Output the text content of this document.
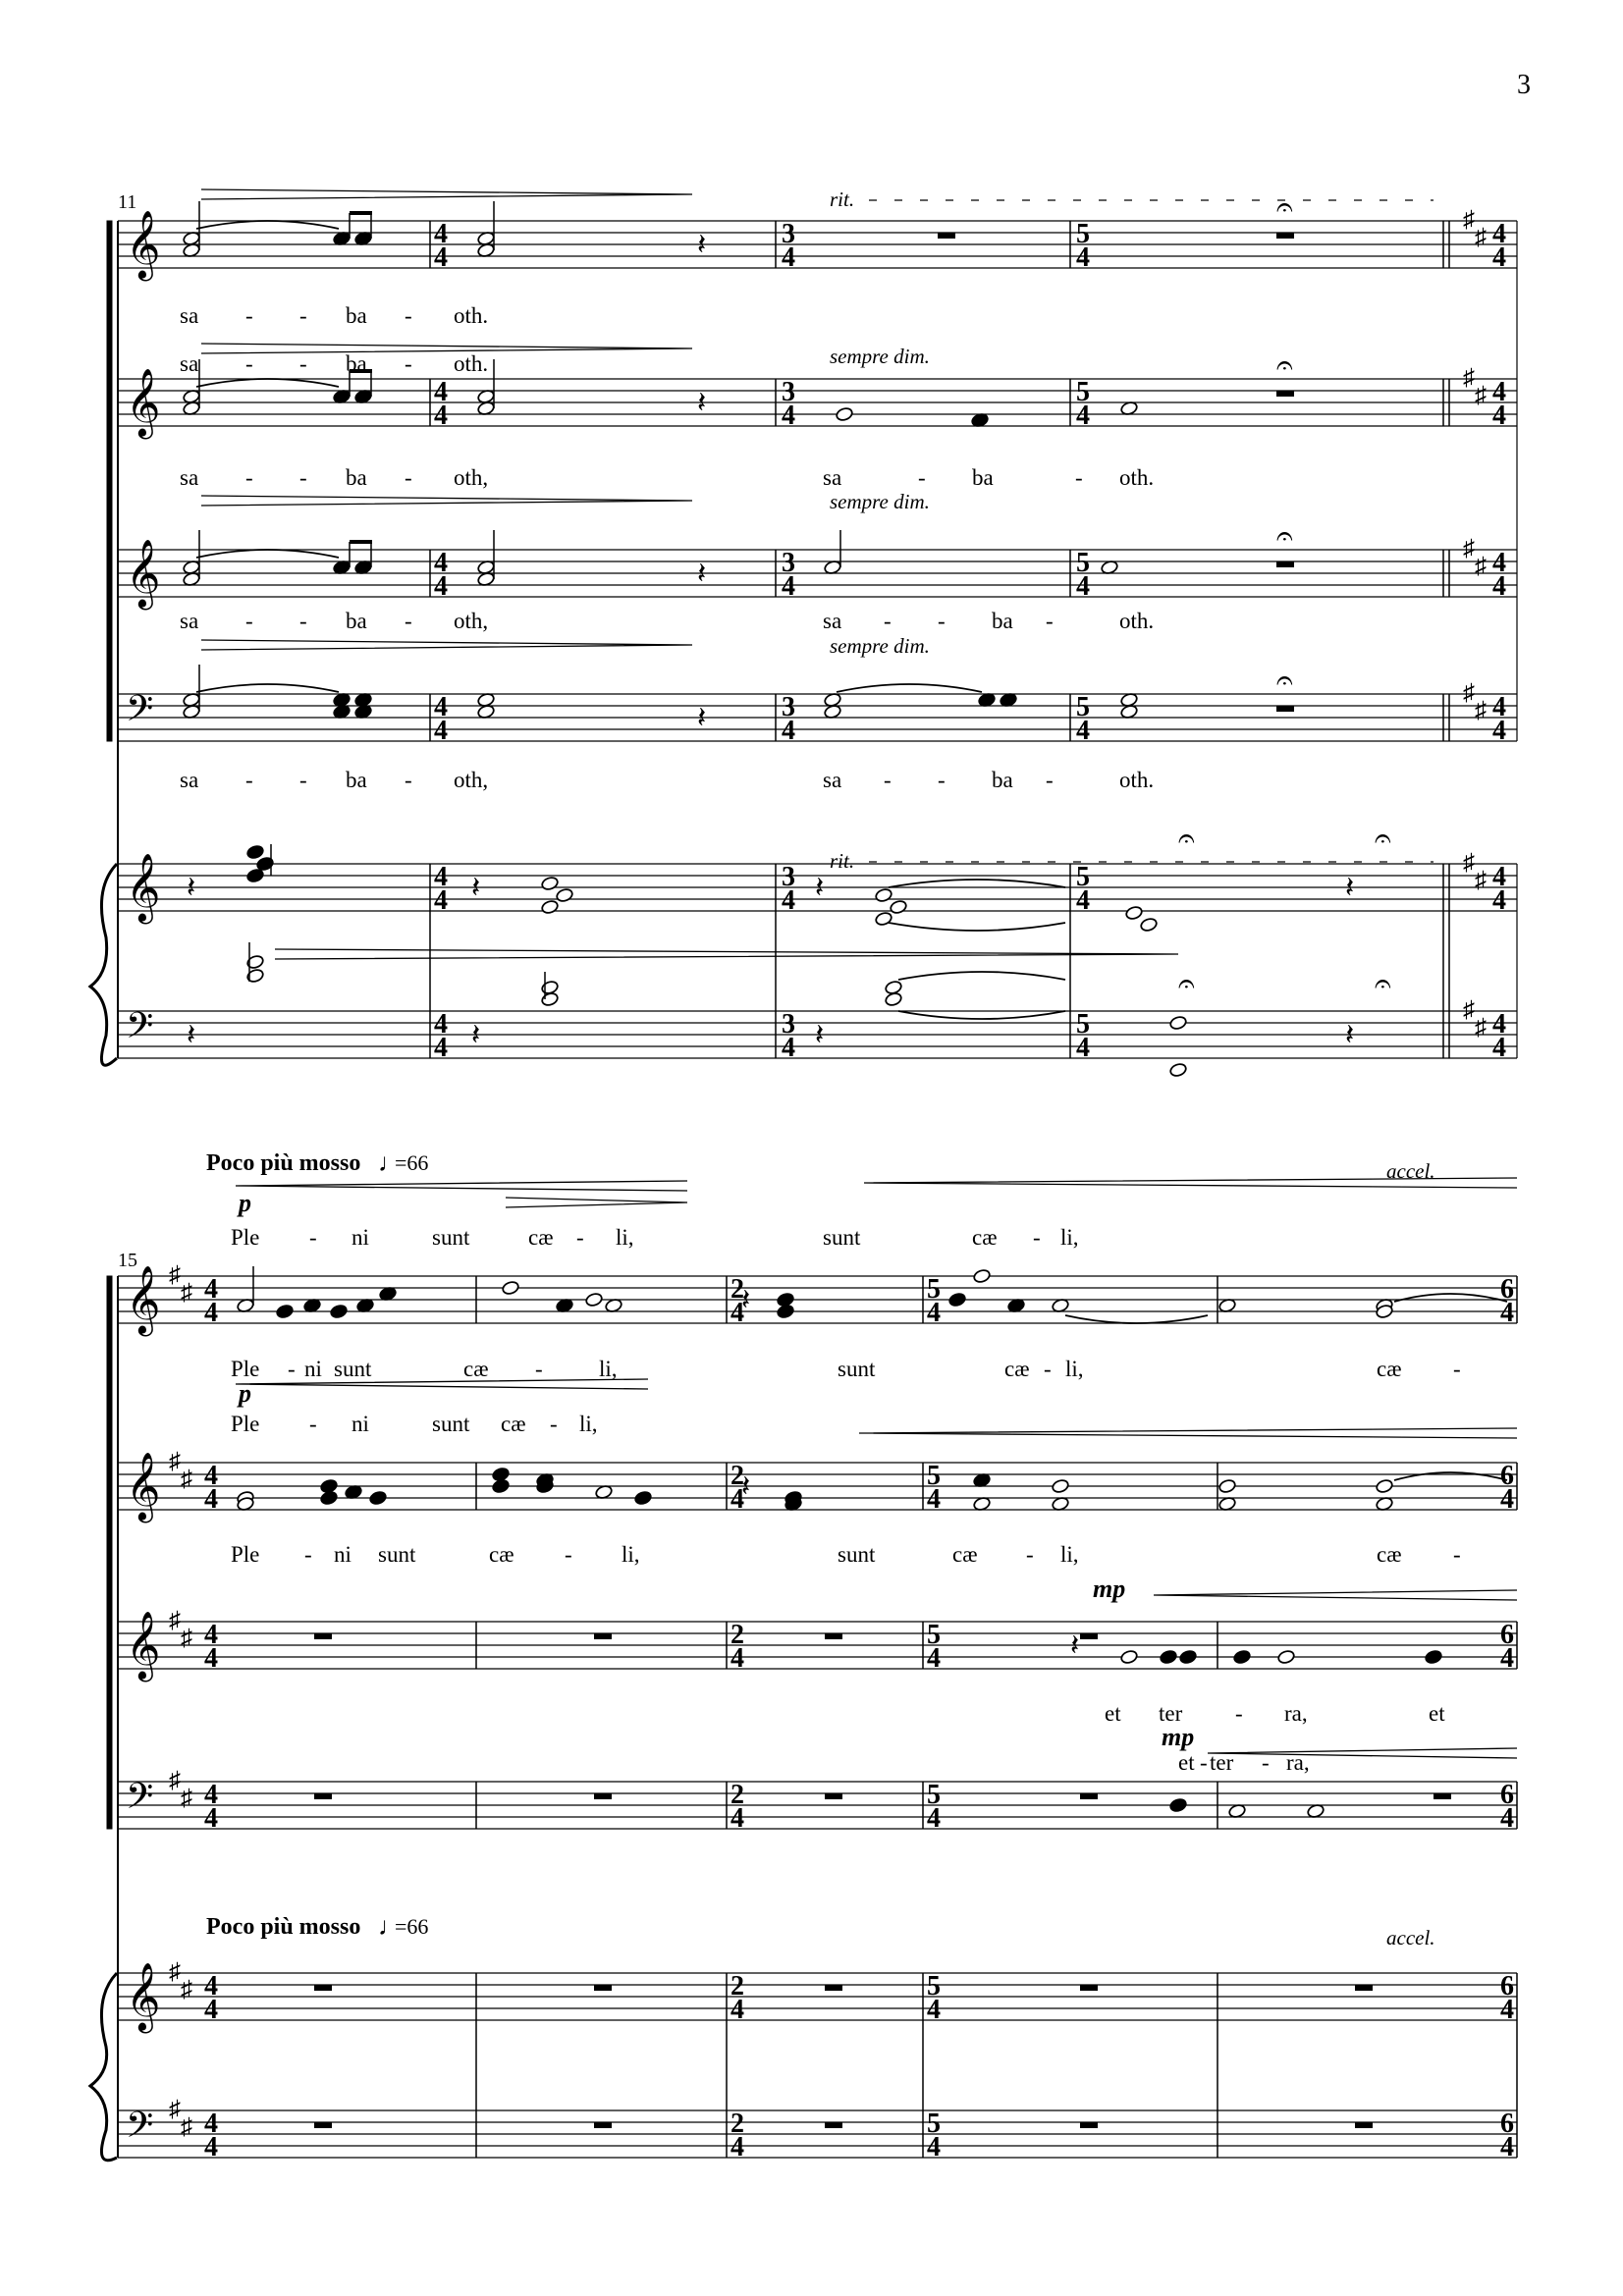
𝄞
𝄞
𝄞
𝄢
𝄞
𝄢
𝄞
𝄞
𝄞
𝄢
𝄞
𝄢
♯
♯
♯
♯
♯
♯
♯
♯
♯
♯
♯
♯
♯
♯
♯
♯
♯
♯
♯
♯
♯
♯
♯
♯
𝄽
𝄐
𝄽
𝄐
𝄽
𝄐
𝄽
𝄐
𝄽	𝄽	𝄽	𝄽
𝄐	𝄐
𝄽	𝄽	𝄽	𝄽
𝄐	𝄐
𝄽
𝄽
𝄽
3
11	rit.
rit.
sempre dim.
sempre dim.
sempre dim.
sa - - ba - oth.
sa - - ba - oth.
sa - - ba - oth,	sa	- ba	- oth.
sa - - ba - oth,	sa - - ba -	oth.
sa - - ba - oth,	sa - - ba -	oth.
Poco più mosso ♩
=66	accel.
p
15
Ple - ni	sunt	cæ - li,	sunt	cæ - li,
Ple - ni sunt	cæ - li,	sunt	cæ - li,	cæ -
p
Ple - ni	sunt cæ - li,
Ple - ni sunt	cæ - li,	sunt	cæ - li,	cæ -
mp
et ter - ra,	et
mp
et - ter - ra,
Poco più mosso ♩
=66	accel.
4
4
3
4
5
4
4
4
4
4
3
4
5
4
4
4
4
4
3
4
5
4
4
4
4
4
3
4
5
4
4
4
4
4
3
4
5
4
4
4
4
4
3
4
5
4
4
4
4
4
2
4
5
4
6
4
4
4
2
4
5
4
6
4
4
4
2
4
5
4
6
4
4
4
2
4
5
4
6
4
4
4
2
4
5
4
6
4
4
4
2
4
5
4
6
4
